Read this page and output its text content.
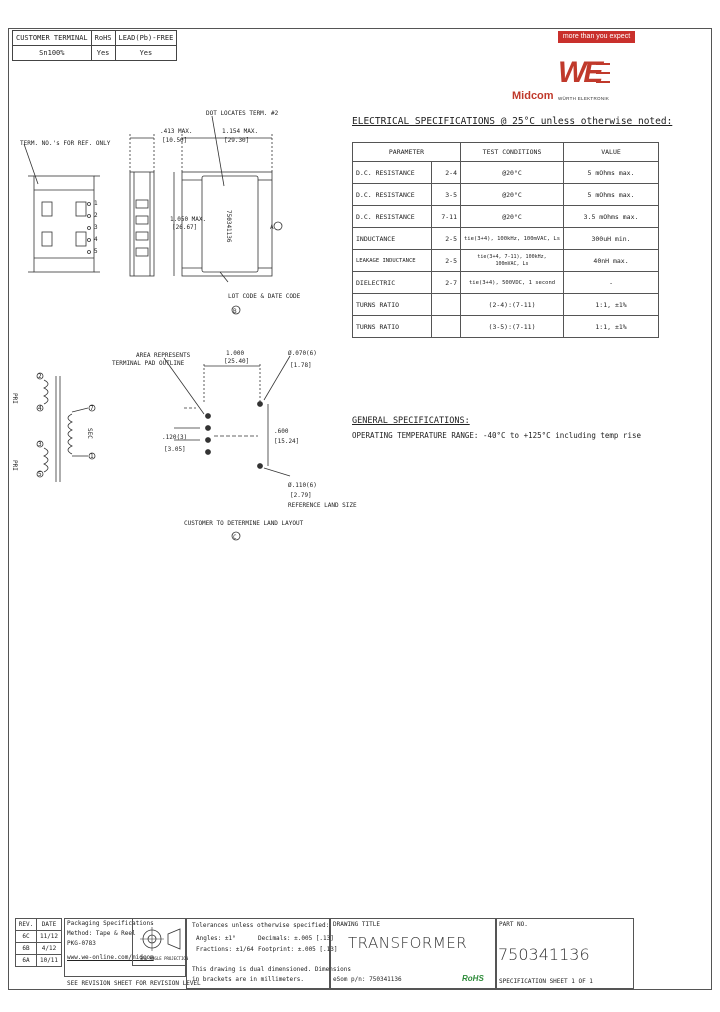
CUSTOMER TERMINAL	RoHS	LEAD(Pb)-FREE
Sn100%	Yes	Yes
more than you expect
WE
Midcom WÜRTH ELEKTRONIK
A
B
C
TERM. NO.'s FOR REF. ONLY
DOT LOCATES TERM. #2
LOT CODE & DATE CODE
.413 MAX.
[10.50]
1.154 MAX.
[29.30]
1.050 MAX.
[26.67]	750341136
AREA REPRESENTS
TERMINAL PAD OUTLINE
1.000
[25.40]
Ø.070(6)
[1.78]
.120(3)
[3.05]
.600
[15.24]
Ø.110(6)
[2.79]
REFERENCE LAND SIZE
CUSTOMER TO DETERMINE LAND LAYOUT
PRI
PRI
SEC
2
4
3
5
7
1
1
2
3
4
5
ELECTRICAL SPECIFICATIONS @ 25°C unless otherwise noted:
PARAMETER		TEST CONDITIONS	VALUE
D.C. RESISTANCE	2-4	@20°C	5 mOhms max.
D.C. RESISTANCE	3-5	@20°C	5 mOhms max.
D.C. RESISTANCE	7-11	@20°C	3.5 mOhms max.
INDUCTANCE	2-5	tie(3+4), 100kHz, 100mVAC, Ls	300uH min.
LEAKAGE INDUCTANCE	2-5	tie(3+4, 7-11), 100kHz, 100mVAC, Ls	40nH max.
DIELECTRIC	2-7	tie(3+4), 500VDC, 1 second	-
TURNS RATIO		(2-4):(7-11)	1:1, ±1%
TURNS RATIO		(3-5):(7-11)	1:1, ±1%
GENERAL SPECIFICATIONS:
OPERATING TEMPERATURE RANGE: -40°C to +125°C including temp rise
REV.	DATE
6C	11/12
6B	4/12
6A	10/11
Packaging Specifications
Method: Tape & Reel
PKG-0783
www.we-online.com/midcom
SEE REVISION SHEET FOR REVISION LEVEL
3RD ANGLE PROJECTION
Tolerances unless otherwise specified:
Angles: ±1°
Fractions: ±1/64
Decimals: ±.005 [.13]
Footprint: ±.005 [.13]
This drawing is dual dimensioned. Dimensions
in brackets are in millimeters.
DRAWING TITLE
TRANSFORMER
eSom p/n: 750341136
PART NO.
750341136
RoHS	SPECIFICATION SHEET 1 OF 1
